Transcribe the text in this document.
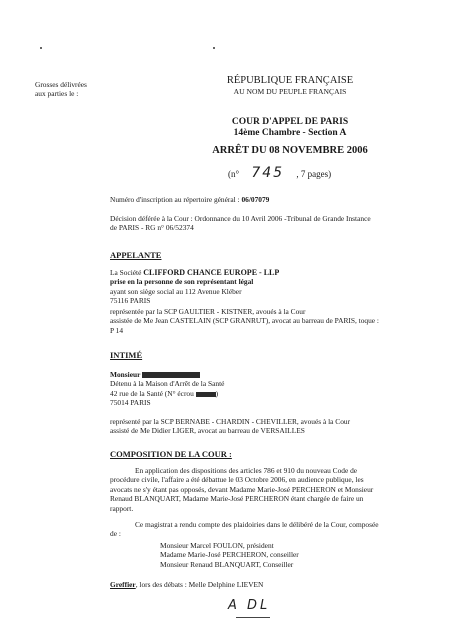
Grosses délivrées
aux parties le :
RÉPUBLIQUE FRANÇAISE
AU NOM DU PEUPLE FRANÇAIS
COUR D'APPEL DE PARIS
14ème Chambre - Section A
ARRÊT DU 08 NOVEMBRE 2006
(n° 745 , 7 pages)
Numéro d'inscription au répertoire général : 06/07079
Décision déférée à la Cour : Ordonnance du 10 Avril 2006 -Tribunal de Grande Instance
de PARIS - RG n° 06/52374
APPELANTE
La Société CLIFFORD CHANCE EUROPE - LLP
prise en la personne de son représentant légal
ayant son siège social au 112 Avenue Kléber
75116 PARIS
représentée par la SCP GAULTIER - KISTNER, avoués à la Cour
assistée de Me Jean CASTELAIN (SCP GRANRUT), avocat au barreau de PARIS, toque :
P 14
INTIMÉ
Monsieur
Détenu à la Maison d'Arrêt de la Santé
42 rue de la Santé (N° écrou	)
75014 PARIS
représenté par la SCP BERNABE - CHARDIN - CHEVILLER, avoués à la Cour
assisté de Me Didier LIGER, avocat au barreau de VERSAILLES
COMPOSITION DE LA COUR :
En application des dispositions des articles 786 et 910 du nouveau Code de
procédure civile, l'affaire a été débattue le 03 Octobre 2006, en audience publique, les
avocats ne s'y étant pas opposés, devant Madame Marie-José PERCHERON et Monsieur
Renaud BLANQUART, Madame Marie-José PERCHERON étant chargée de faire un
rapport.
Ce magistrat a rendu compte des plaidoiries dans le délibéré de la Cour, composée
de :
Monsieur Marcel FOULON, président
Madame Marie-José PERCHERON, conseiller
Monsieur Renaud BLANQUART, Conseiller
Greffier, lors des débats : Melle Delphine LIEVEN
A DL
